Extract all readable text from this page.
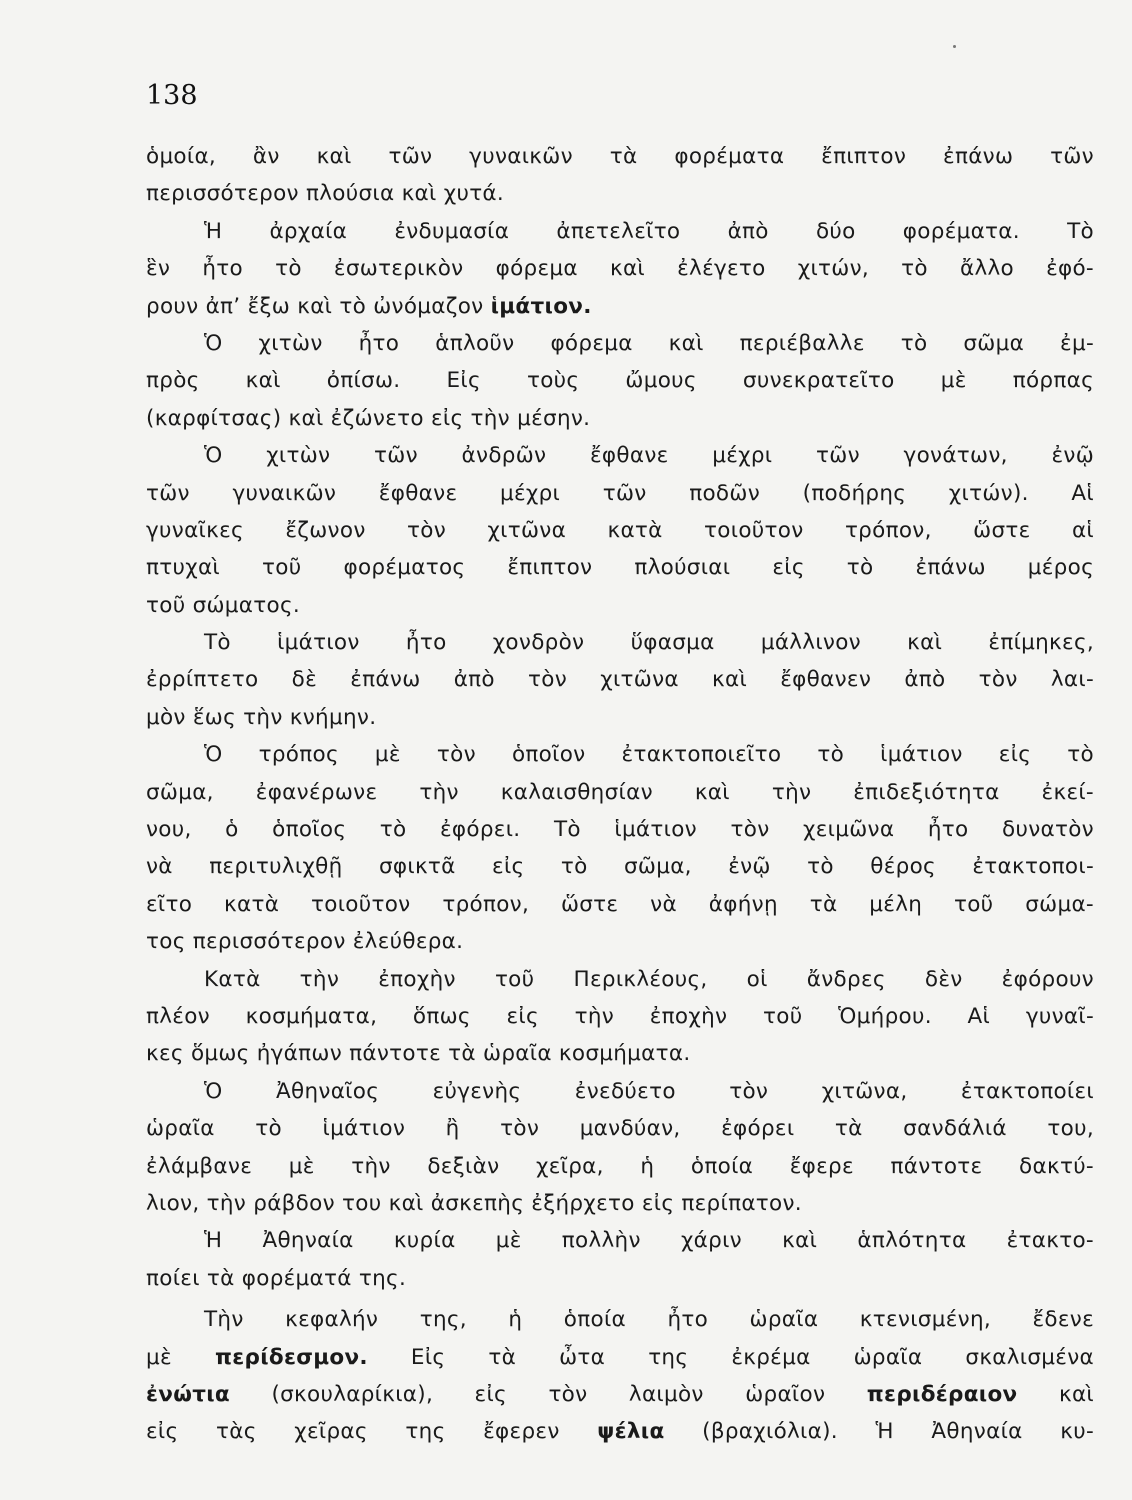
138
ὁμοία, ἂν καὶ τῶν γυναικῶν τὰ φορέματα ἔπιπτον ἐπάνω τῶν
περισσότερον πλούσια καὶ χυτά.
Ἡ ἀρχαία ἐνδυμασία ἀπετελεῖτο ἀπὸ δύο φορέματα. Τὸ
ἓν ἦτο τὸ ἐσωτερικὸν φόρεμα καὶ ἐλέγετο χιτών, τὸ ἄλλο ἐφό-
ρουν ἀπ’ ἔξω καὶ τὸ ὠνόμαζον ἱμάτιον.
Ὁ χιτὼν ἦτο ἁπλοῦν φόρεμα καὶ περιέβαλλε τὸ σῶμα ἐμ-
πρὸς καὶ ὀπίσω. Εἰς τοὺς ὤμους συνεκρατεῖτο μὲ πόρπας
(καρφίτσας) καὶ ἐζώνετο εἰς τὴν μέσην.
Ὁ χιτὼν τῶν ἀνδρῶν ἔφθανε μέχρι τῶν γονάτων, ἐνῷ
τῶν γυναικῶν ἔφθανε μέχρι τῶν ποδῶν (ποδήρης χιτών). Αἱ
γυναῖκες ἔζωνον τὸν χιτῶνα κατὰ τοιοῦτον τρόπον, ὥστε αἱ
πτυχαὶ τοῦ φορέματος ἔπιπτον πλούσιαι εἰς τὸ ἐπάνω μέρος
τοῦ σώματος.
Τὸ ἱμάτιον ἦτο χονδρὸν ὕφασμα μάλλινον καὶ ἐπίμηκες,
ἐρρίπτετο δὲ ἐπάνω ἀπὸ τὸν χιτῶνα καὶ ἔφθανεν ἀπὸ τὸν λαι-
μὸν ἕως τὴν κνήμην.
Ὁ τρόπος μὲ τὸν ὁποῖον ἐτακτοποιεῖτο τὸ ἱμάτιον εἰς τὸ
σῶμα, ἐφανέρωνε τὴν καλαισθησίαν καὶ τὴν ἐπιδεξιότητα ἐκεί-
νου, ὁ ὁποῖος τὸ ἐφόρει. Τὸ ἱμάτιον τὸν χειμῶνα ἦτο δυνατὸν
νὰ περιτυλιχθῇ σφικτᾶ εἰς τὸ σῶμα, ἐνῷ τὸ θέρος ἐτακτοποι-
εῖτο κατὰ τοιοῦτον τρόπον, ὥστε νὰ ἀφήνῃ τὰ μέλη τοῦ σώμα-
τος περισσότερον ἐλεύθερα.
Κατὰ τὴν ἐποχὴν τοῦ Περικλέους, οἱ ἄνδρες δὲν ἐφόρουν
πλέον κοσμήματα, ὅπως εἰς τὴν ἐποχὴν τοῦ Ὁμήρου. Αἱ γυναῖ-
κες ὅμως ἠγάπων πάντοτε τὰ ὡραῖα κοσμήματα.
Ὁ Ἀθηναῖος εὐγενὴς ἐνεδύετο τὸν χιτῶνα, ἐτακτοποίει
ὡραῖα τὸ ἱμάτιον ἢ τὸν μανδύαν, ἐφόρει τὰ σανδάλιά του,
ἐλάμβανε μὲ τὴν δεξιὰν χεῖρα, ἡ ὁποία ἔφερε πάντοτε δακτύ-
λιον, τὴν ράβδον του καὶ ἀσκεπὴς ἐξήρχετο εἰς περίπατον.
Ἡ Ἀθηναία κυρία μὲ πολλὴν χάριν καὶ ἁπλότητα ἐτακτο-
ποίει τὰ φορέματά της.
Τὴν κεφαλήν της, ἡ ὁποία ἦτο ὡραῖα κτενισμένη, ἔδενε
μὲ περίδεσμον. Εἰς τὰ ὦτα της ἐκρέμα ὡραῖα σκαλισμένα
ἐνώτια (σκουλαρίκια), εἰς τὸν λαιμὸν ὡραῖον περιδέραιον καὶ
εἰς τὰς χεῖρας της ἔφερεν ψέλια (βραχιόλια). Ἡ Ἀθηναία κυ-
